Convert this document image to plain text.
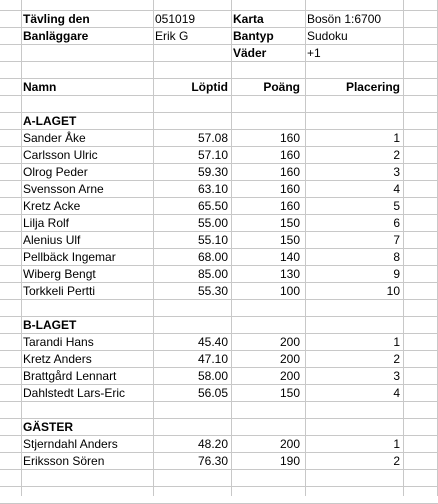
Tävling den	051019	Karta	Bosön 1:6700
Banläggare	Erik G	Bantyp	Sudoku
Väder	+1
Namn	Löptid	Poäng	Placering
A-LAGET
Sander Åke	57.08	160	1
Carlsson Ulric	57.10	160	2
Olrog Peder	59.30	160	3
Svensson Arne	63.10	160	4
Kretz Acke	65.50	160	5
Lilja Rolf	55.00	150	6
Alenius Ulf	55.10	150	7
Pellbäck Ingemar	68.00	140	8
Wiberg Bengt	85.00	130	9
Torkkeli Pertti	55.30	100	10
B-LAGET
Tarandi Hans	45.40	200	1
Kretz Anders	47.10	200	2
Brattgård Lennart	58.00	200	3
Dahlstedt Lars-Eric	56.05	150	4
GÄSTER
Stjerndahl Anders	48.20	200	1
Eriksson Sören	76.30	190	2
